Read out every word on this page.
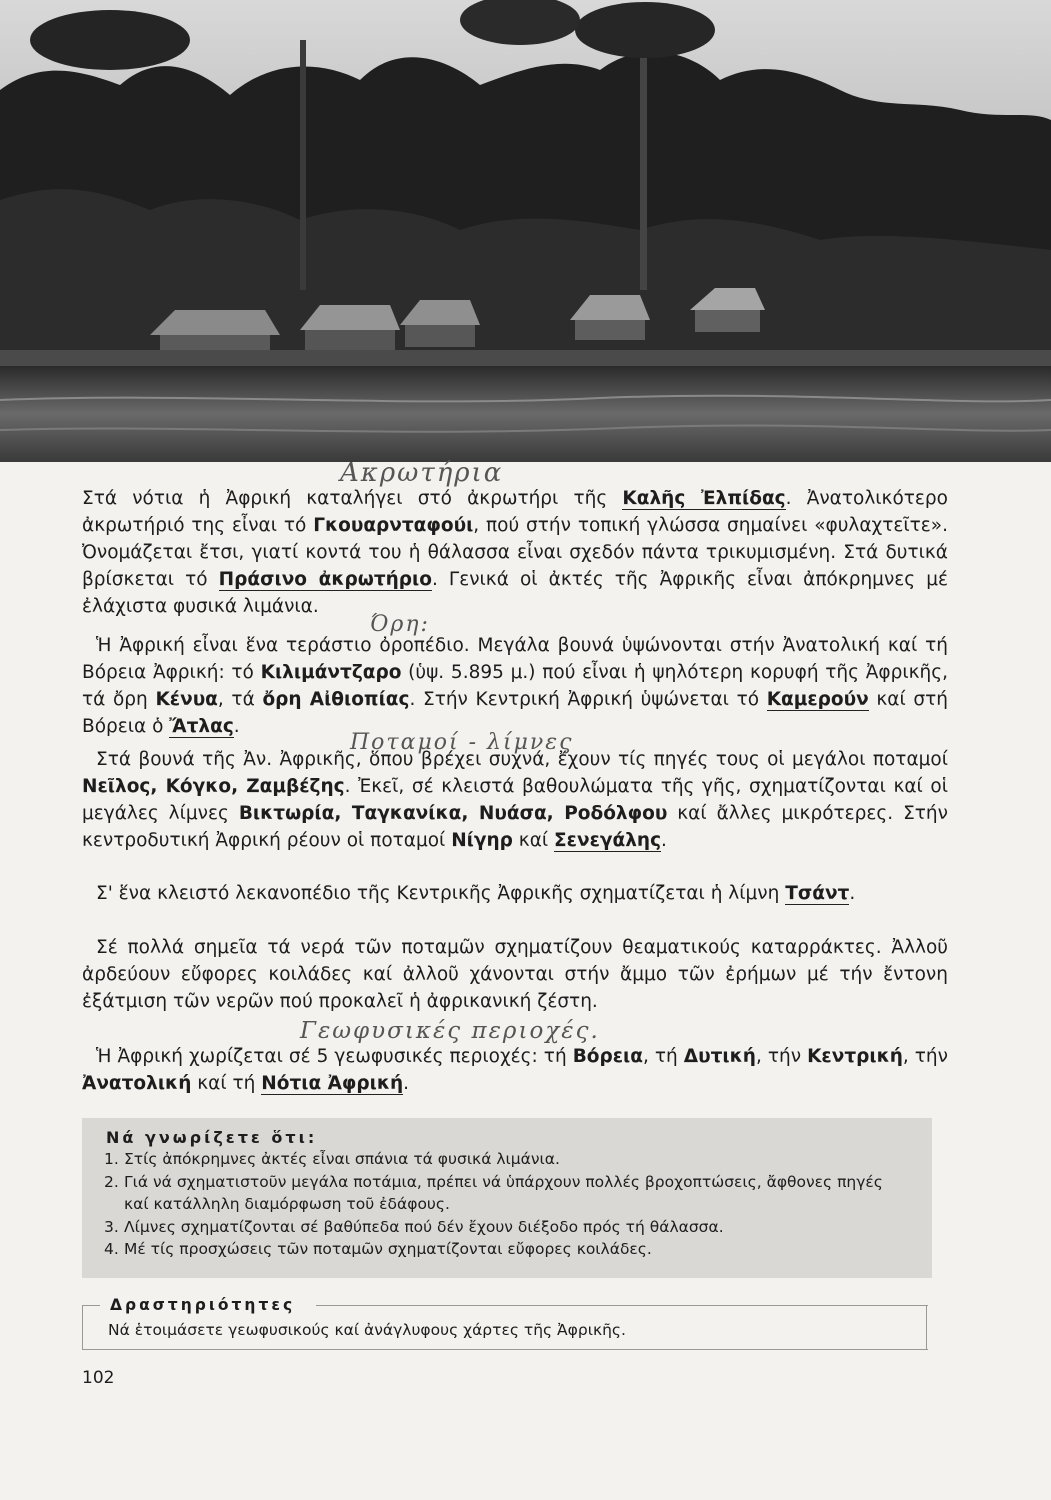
Ακρωτήρια
Όρη:
Ποταμοί - λίμνες
Γεωφυσικές περιοχές.

Στά νότια ἡ Ἀφρική καταλήγει στό ἀκρωτήρι τῆς Καλῆς Ἐλπίδας. Ἀνατολικότερο ἀκρωτήριό της εἶναι τό Γκουαρνταφούι, πού στήν τοπική γλώσσα σημαίνει «φυλαχτεῖτε». Ὀνομάζεται ἔτσι, γιατί κοντά του ἡ θάλασσα εἶναι σχεδόν πάντα τρικυμισμένη. Στά δυτικά βρίσκεται τό Πράσινο ἀκρωτήριο. Γενικά οἱ ἀκτές τῆς Ἀφρικῆς εἶναι ἀπόκρημνες μέ ἐλάχιστα φυσικά λιμάνια.

Ἡ Ἀφρική εἶναι ἕνα τεράστιο ὀροπέδιο. Μεγάλα βουνά ὑψώνονται στήν Ἀνατολική καί τή Βόρεια Ἀφρική: τό Κιλιμάντζαρο (ὑψ. 5.895 μ.) πού εἶναι ἡ ψηλότερη κορυφή τῆς Ἀφρικῆς, τά ὄρη Κένυα, τά ὄρη Αἰθιοπίας. Στήν Κεντρική Ἀφρική ὑψώνεται τό Καμερούν καί στή Βόρεια ὁ Ἄτλας.

Στά βουνά τῆς Ἀν. Ἀφρικῆς, ὅπου βρέχει συχνά, ἔχουν τίς πηγές τους οἱ μεγάλοι ποταμοί Νεῖλος, Κόγκο, Ζαμβέζης. Ἐκεῖ, σέ κλειστά βαθουλώματα τῆς γῆς, σχηματίζονται καί οἱ μεγάλες λίμνες Βικτωρία, Ταγκανίκα, Νυάσα, Ροδόλφου καί ἄλλες μικρότερες. Στήν κεντροδυτική Ἀφρική ρέουν οἱ ποταμοί Νίγηρ καί Σενεγάλης.

Σ' ἕνα κλειστό λεκανοπέδιο τῆς Κεντρικῆς Ἀφρικῆς σχηματίζεται ἡ λίμνη Τσάντ.

Σέ πολλά σημεῖα τά νερά τῶν ποταμῶν σχηματίζουν θεαματικούς καταρράκτες. Ἀλλοῦ ἀρδεύουν εὔφορες κοιλάδες καί ἀλλοῦ χάνονται στήν ἄμμο τῶν ἐρήμων μέ τήν ἔντονη ἐξάτμιση τῶν νερῶν πού προκαλεῖ ἡ ἀφρικανική ζέστη.

Ἡ Ἀφρική χωρίζεται σέ 5 γεωφυσικές περιοχές: τή Βόρεια, τή Δυτική, τήν Κεντρική, τήν Ἀνατολική καί τή Νότια Ἀφρική.

Νά γνωρίζετε ὅτι:
1. Στίς ἀπόκρημνες ἀκτές εἶναι σπάνια τά φυσικά λιμάνια.
2. Γιά νά σχηματιστοῦν μεγάλα ποτάμια, πρέπει νά ὑπάρχουν πολλές βροχοπτώσεις, ἄφθονες πηγές καί κατάλληλη διαμόρφωση τοῦ ἐδάφους.
3. Λίμνες σχηματίζονται σέ βαθύπεδα πού δέν ἔχουν διέξοδο πρός τή θάλασσα.
4. Μέ τίς προσχώσεις τῶν ποταμῶν σχηματίζονται εὔφορες κοιλάδες.
Δραστηριότητες
Νά ἑτοιμάσετε γεωφυσικούς καί ἀνάγλυφους χάρτες τῆς Ἀφρικῆς.
102
